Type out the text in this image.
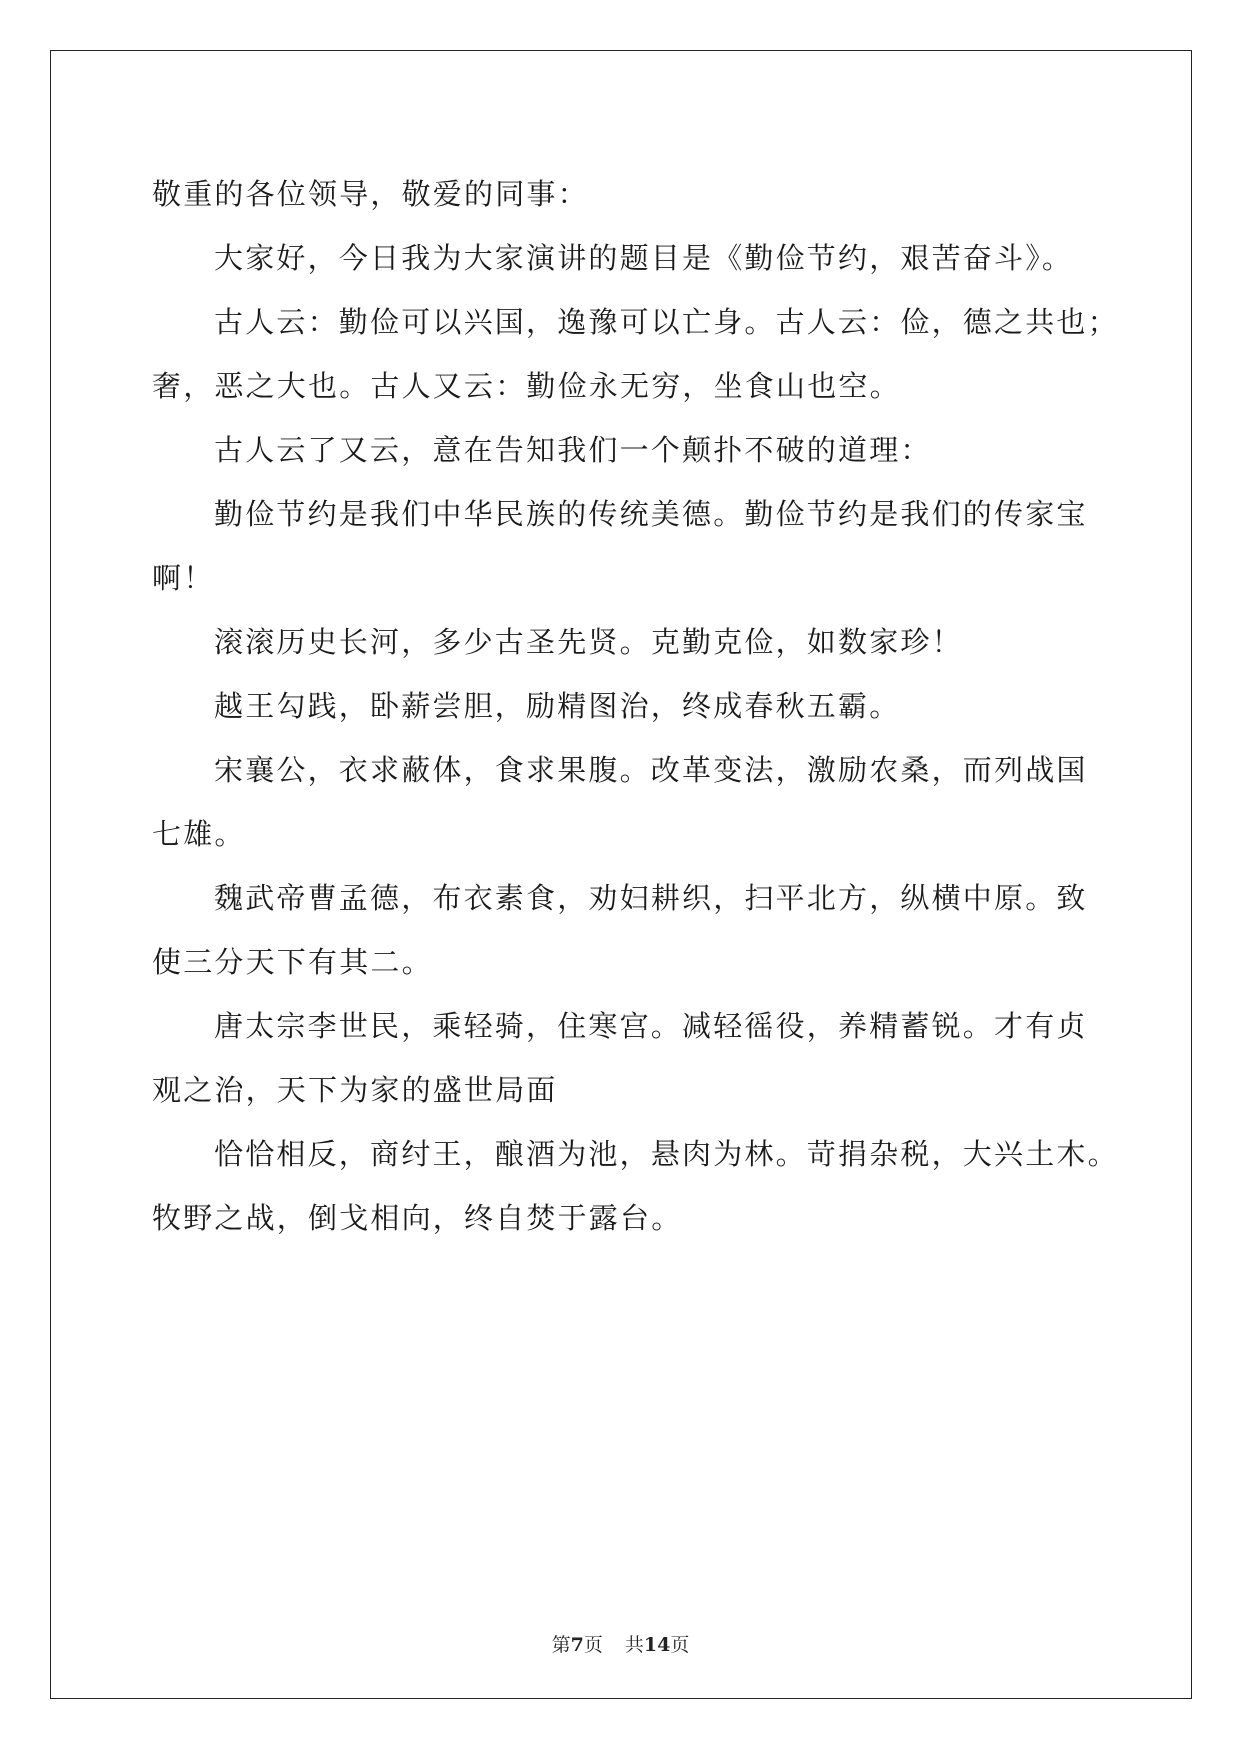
敬重的各位领导，敬爱的同事：
大家好，今日我为大家演讲的题目是《勤俭节约，艰苦奋斗》。
古人云：勤俭可以兴国，逸豫可以亡身。古人云：俭，德之共也；
奢，恶之大也。古人又云：勤俭永无穷，坐食山也空。
古人云了又云，意在告知我们一个颠扑不破的道理：
勤俭节约是我们中华民族的传统美德。勤俭节约是我们的传家宝
啊！
滚滚历史长河，多少古圣先贤。克勤克俭，如数家珍！
越王勾践，卧薪尝胆，励精图治，终成春秋五霸。
宋襄公，衣求蔽体，食求果腹。改革变法，激励农桑，而列战国
七雄。
魏武帝曹孟德，布衣素食，劝妇耕织，扫平北方，纵横中原。致
使三分天下有其二。
唐太宗李世民，乘轻骑，住寒宫。减轻徭役，养精蓄锐。才有贞
观之治，天下为家的盛世局面
恰恰相反，商纣王，酿酒为池，悬肉为林。苛捐杂税，大兴土木。
牧野之战，倒戈相向，终自焚于露台。
第7页 共14页
